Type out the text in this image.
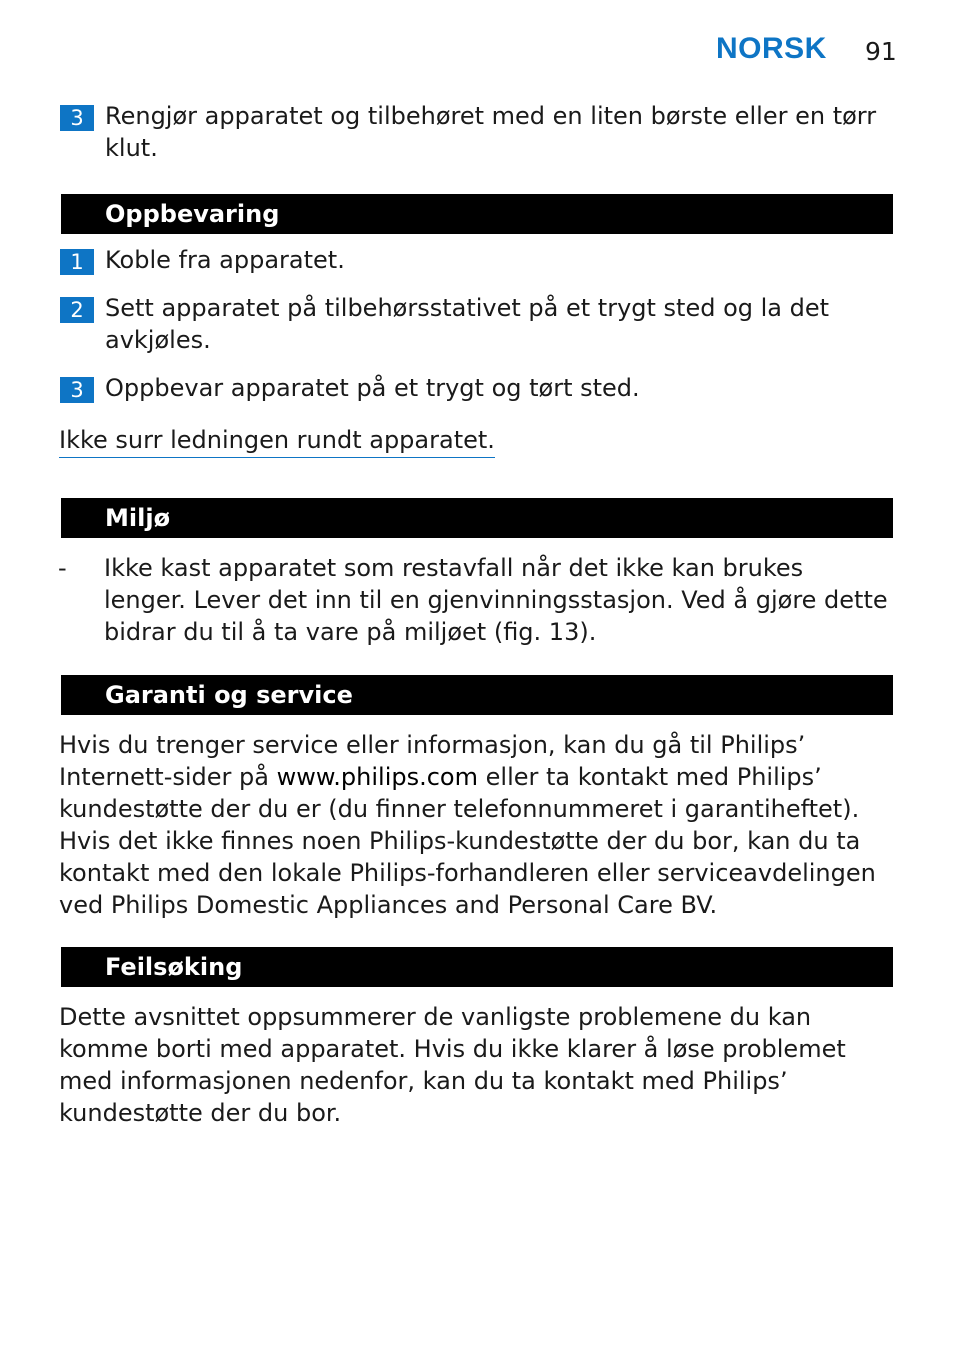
NORSK 91
3 Rengjør apparatet og tilbehøret med en liten børste eller en tørr klut.
Oppbevaring
1 Koble fra apparatet.
2 Sett apparatet på tilbehørsstativet på et trygt sted og la det avkjøles.
3 Oppbevar apparatet på et trygt og tørt sted.
Ikke surr ledningen rundt apparatet.
Miljø
- Ikke kast apparatet som restavfall når det ikke kan brukes lenger. Lever det inn til en gjenvinningsstasjon. Ved å gjøre dette bidrar du til å ta vare på miljøet (fig. 13).
Garanti og service
Hvis du trenger service eller informasjon, kan du gå til Philips’ Internett-sider på www.philips.com eller ta kontakt med Philips’ kundestøtte der du er (du finner telefonnummeret i garantiheftet). Hvis det ikke finnes noen Philips-kundestøtte der du bor, kan du ta kontakt med den lokale Philips-forhandleren eller serviceavdelingen ved Philips Domestic Appliances and Personal Care BV.
Feilsøking
Dette avsnittet oppsummerer de vanligste problemene du kan komme borti med apparatet. Hvis du ikke klarer å løse problemet med informasjonen nedenfor, kan du ta kontakt med Philips’ kundestøtte der du bor.
